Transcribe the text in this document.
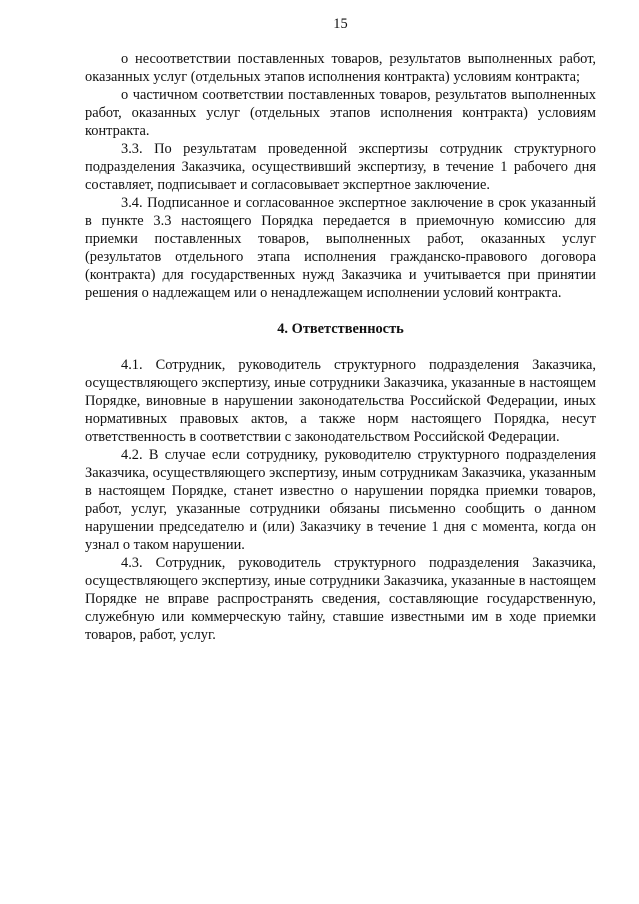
15

о несоответствии поставленных товаров, результатов выполненных работ, оказанных услуг (отдельных этапов исполнения контракта) условиям контракта;

о частичном соответствии поставленных товаров, результатов выполненных работ, оказанных услуг (отдельных этапов исполнения контракта) условиям контракта.

3.3. По результатам проведенной экспертизы сотрудник структурного подразделения Заказчика, осуществивший экспертизу, в течение 1 рабочего дня составляет, подписывает и согласовывает экспертное заключение.

3.4. Подписанное и согласованное экспертное заключение в срок указанный в пункте 3.3 настоящего Порядка передается в приемочную комиссию для приемки поставленных товаров, выполненных работ, оказанных услуг (результатов отдельного этапа исполнения гражданско-правового договора (контракта) для государственных нужд Заказчика и учитывается при принятии решения о надлежащем или о ненадлежащем исполнении условий контракта.

4. Ответственность

4.1. Сотрудник, руководитель структурного подразделения Заказчика, осуществляющего экспертизу, иные сотрудники Заказчика, указанные в настоящем Порядке, виновные в нарушении законодательства Российской Федерации, иных нормативных правовых актов, а также норм настоящего Порядка, несут ответственность в соответствии с законодательством Российской Федерации.

4.2. В случае если сотруднику, руководителю структурного подразделения Заказчика, осуществляющего экспертизу, иным сотрудникам Заказчика, указанным в настоящем Порядке, станет известно о нарушении порядка приемки товаров, работ, услуг, указанные сотрудники обязаны письменно сообщить о данном нарушении председателю и (или) Заказчику в течение 1 дня с момента, когда он узнал о таком нарушении.

4.3. Сотрудник, руководитель структурного подразделения Заказчика, осуществляющего экспертизу, иные сотрудники Заказчика, указанные в настоящем Порядке не вправе распространять сведения, составляющие государственную, служебную или коммерческую тайну, ставшие известными им в ходе приемки товаров, работ, услуг.
